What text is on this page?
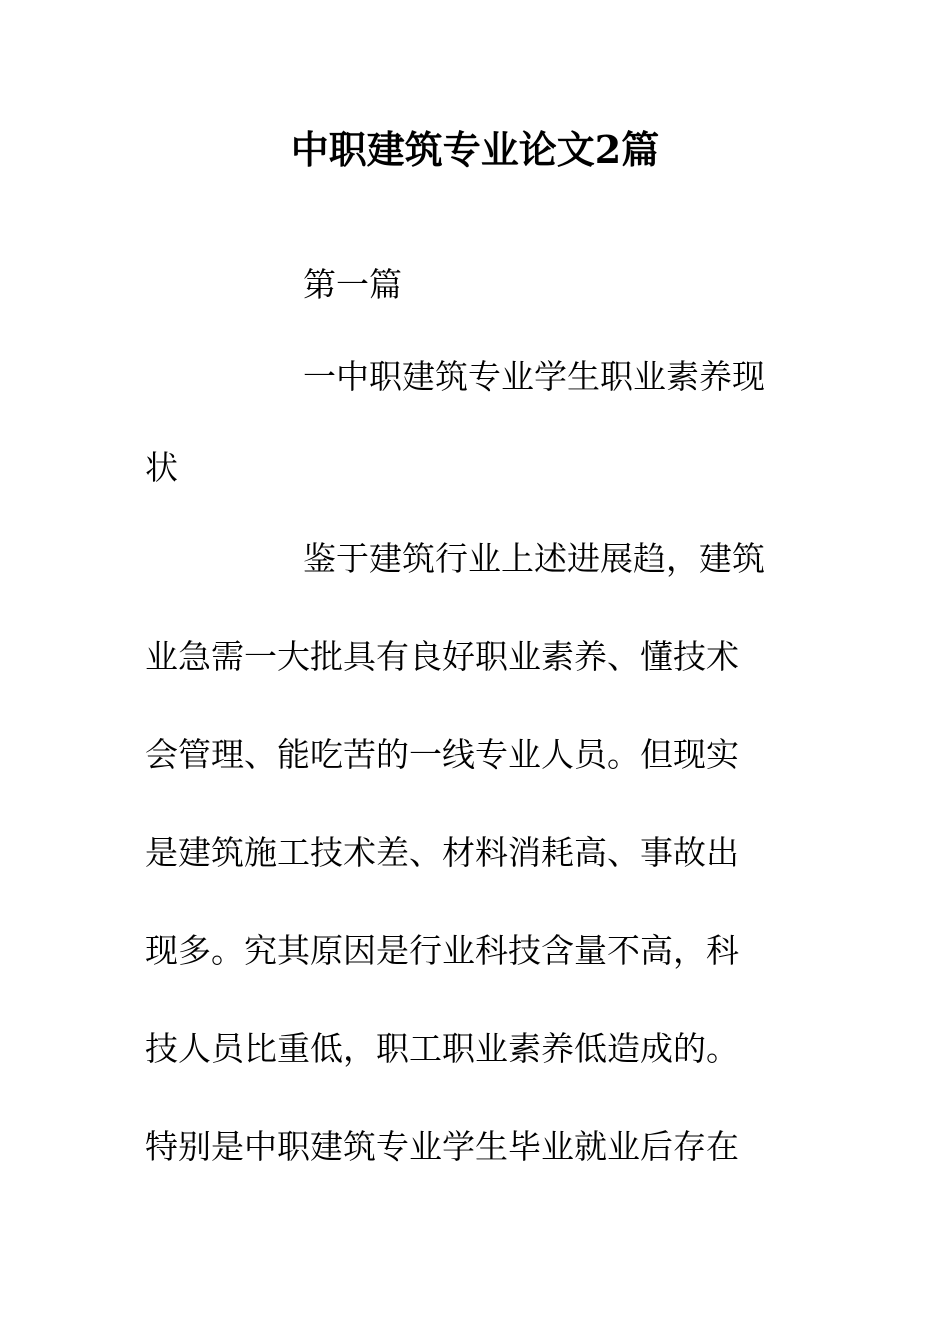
中职建筑专业论文2篇
第一篇
一中职建筑专业学生职业素养现
状
鉴于建筑行业上述进展趋，建筑
业急需一大批具有良好职业素养、懂技术
会管理、能吃苦的一线专业人员。但现实
是建筑施工技术差、材料消耗高、事故出
现多。究其原因是行业科技含量不高，科
技人员比重低，职工职业素养低造成的。
特别是中职建筑专业学生毕业就业后存在
